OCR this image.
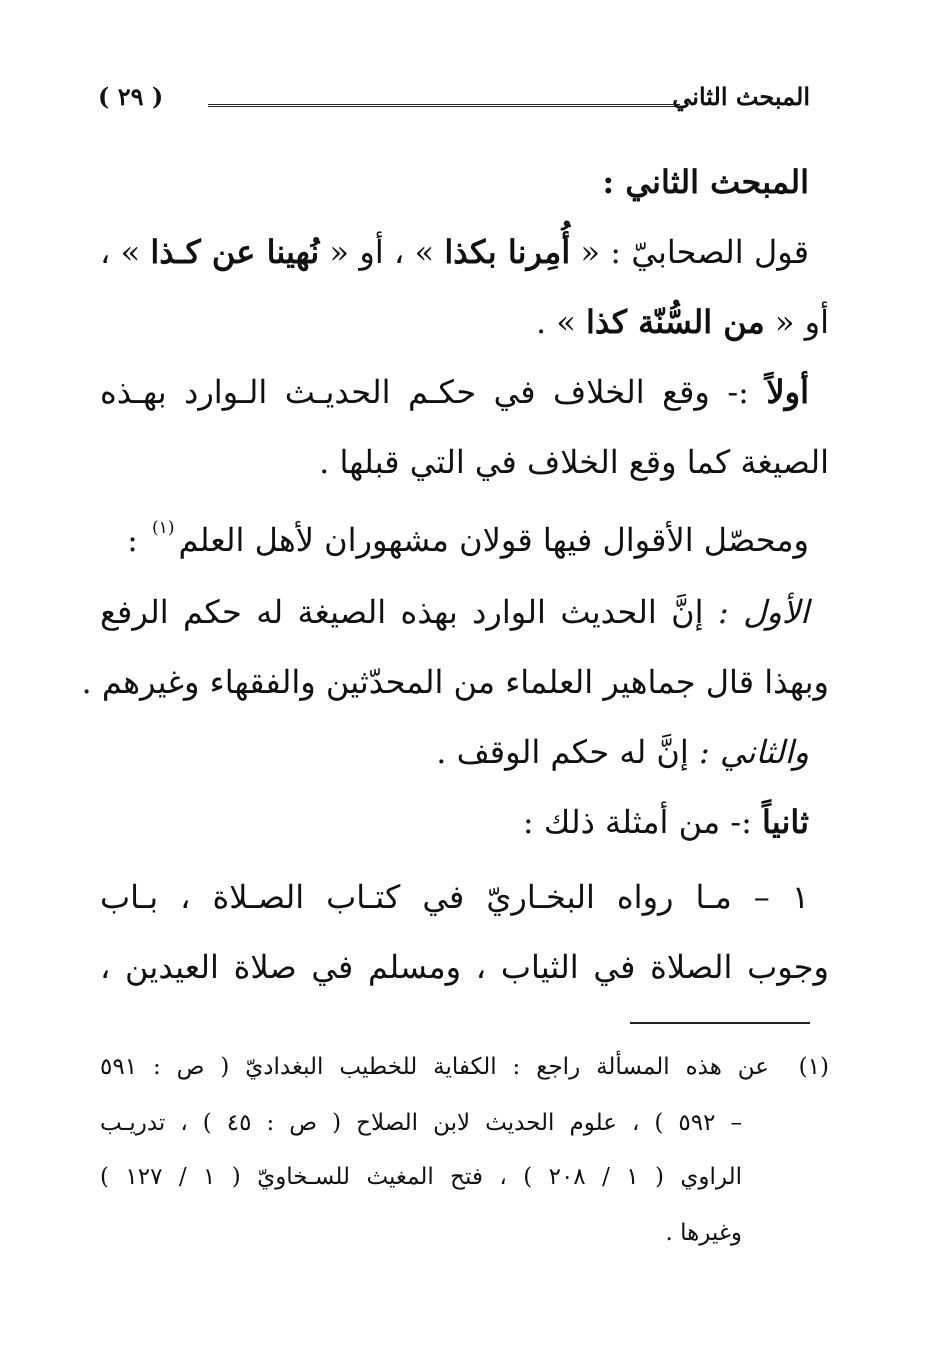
المبحث الثاني
( ٢٩ )
المبحث الثاني :
قول الصحابيّ : « أُمِرنا بكذا » ، أو « نُهينا عن كـذا » ،
أو « من السُّنّة كذا » .
أولاً :- وقع الخلاف في حكـم الحديـث الـوارد بهـذه
الصيغة كما وقع الخلاف في التي قبلها .
ومحصّل الأقوال فيها قولان مشهوران لأهل العلم$^{(١)}$ :
الأول : إنَّ الحديث الوارد بهذه الصيغة له حكم الرفع
وبهذا قال جماهير العلماء من المحدّثين والفقهاء وغيرهم .
والثاني : إنَّ له حكم الوقف .
ثانياً :- من أمثلة ذلك :
١ – مـا رواه البخـاريّ في كتـاب الصـلاة ، بـاب
وجوب الصلاة في الثياب ، ومسلم في صلاة العيدين ،
(١)عن هذه المسألة راجع : الكفاية للخطيب البغداديّ ( ص : ٥٩١
– ٥٩٢ ) ، علوم الحديث لابن الصلاح ( ص : ٤٥ ) ، تدريـب
الراوي ( ١ / ٢٠٨ ) ، فتح المغيث للسـخاويّ ( ١ / ١٢٧ )
وغيرها .
